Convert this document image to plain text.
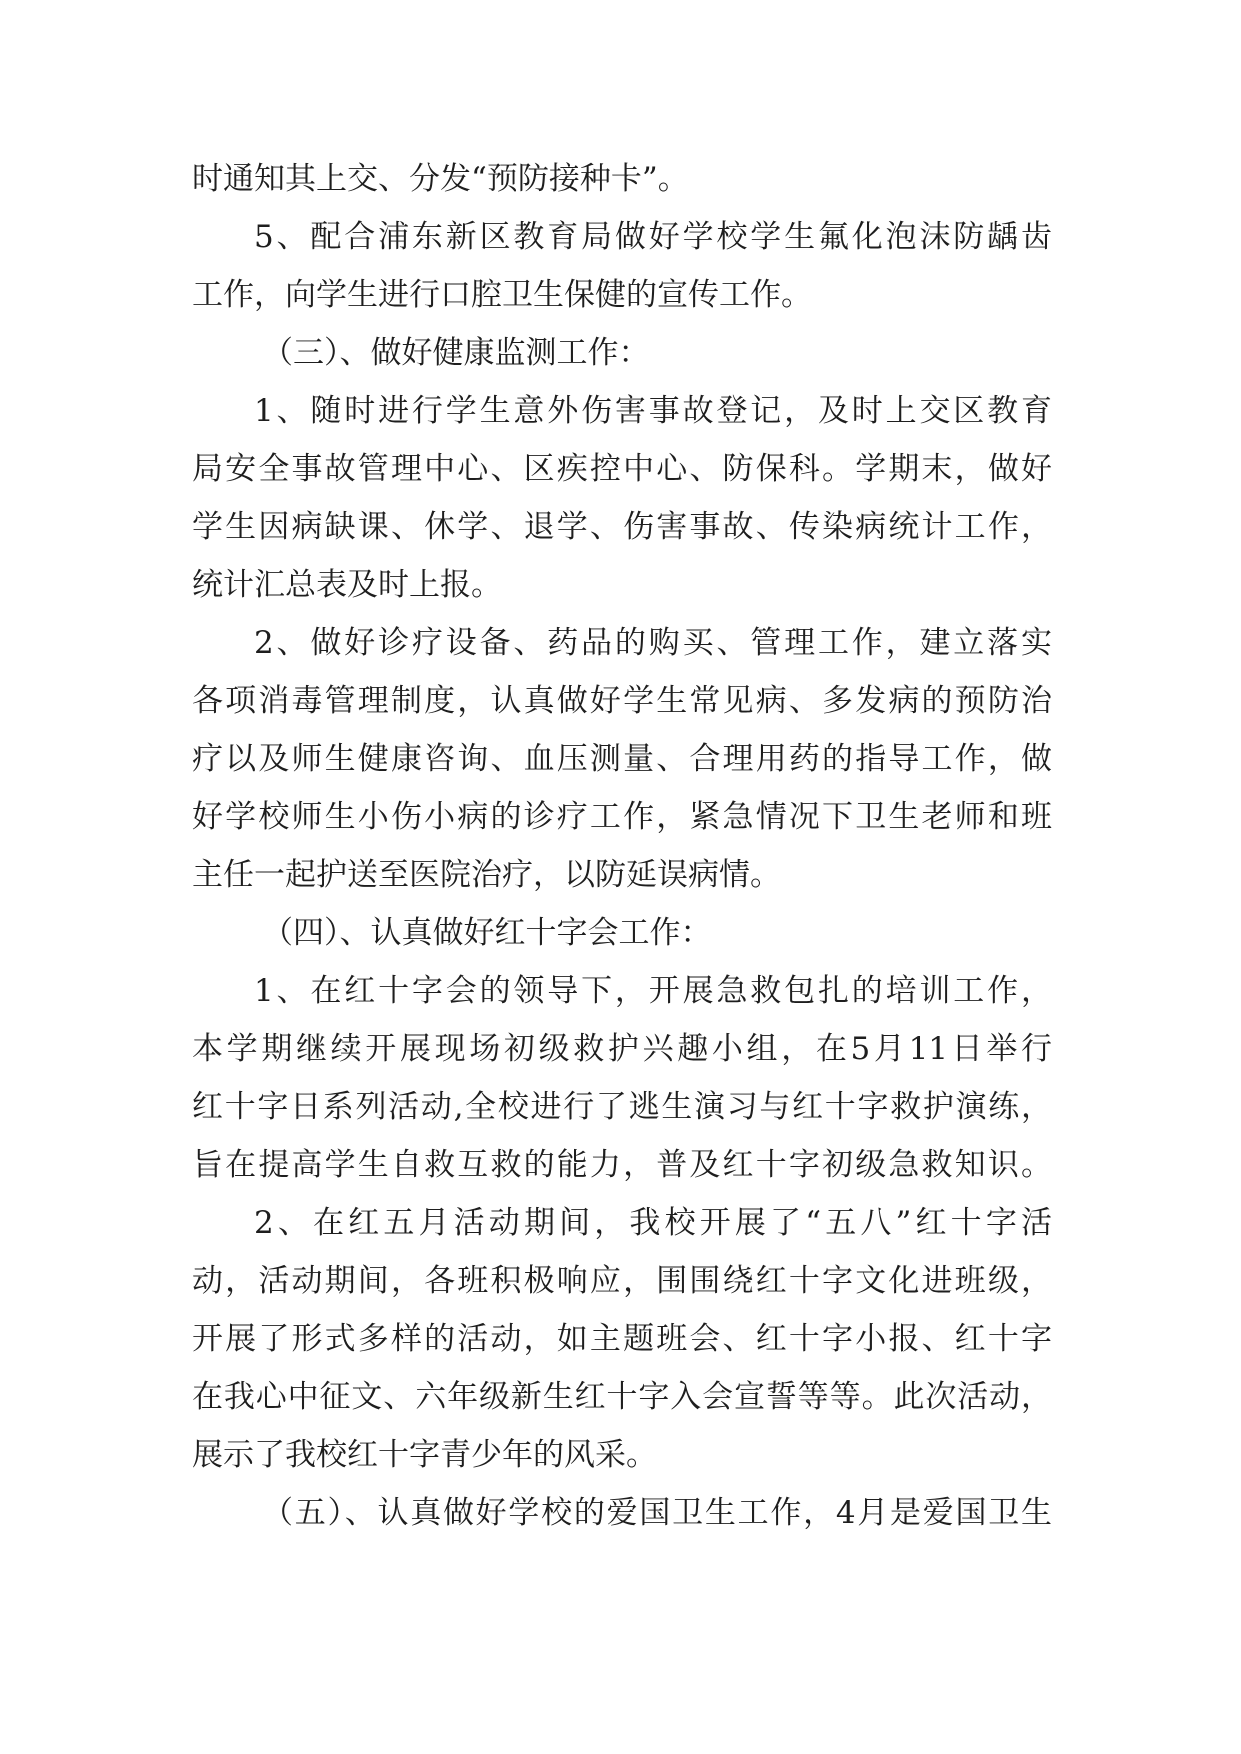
时通知其上交、分发“预防接种卡”。
5、配合浦东新区教育局做好学校学生氟化泡沫防龋齿
工作，向学生进行口腔卫生保健的宣传工作。
（三）、做好健康监测工作：
1、随时进行学生意外伤害事故登记，及时上交区教育
局安全事故管理中心、区疾控中心、防保科。学期末，做好
学生因病缺课、休学、退学、伤害事故、传染病统计工作，
统计汇总表及时上报。
2、做好诊疗设备、药品的购买、管理工作，建立落实
各项消毒管理制度，认真做好学生常见病、多发病的预防治
疗以及师生健康咨询、血压测量、合理用药的指导工作，做
好学校师生小伤小病的诊疗工作，紧急情况下卫生老师和班
主任一起护送至医院治疗，以防延误病情。
（四）、认真做好红十字会工作：
1、在红十字会的领导下，开展急救包扎的培训工作，
本学期继续开展现场初级救护兴趣小组，在5月11日举行
红十字日系列活动,全校进行了逃生演习与红十字救护演练，
旨在提高学生自救互救的能力，普及红十字初级急救知识。
2、在红五月活动期间，我校开展了“五八”红十字活
动，活动期间，各班积极响应，围围绕红十字文化进班级，
开展了形式多样的活动，如主题班会、红十字小报、红十字
在我心中征文、六年级新生红十字入会宣誓等等。此次活动，
展示了我校红十字青少年的风采。
（五）、认真做好学校的爱国卫生工作，4月是爱国卫生
